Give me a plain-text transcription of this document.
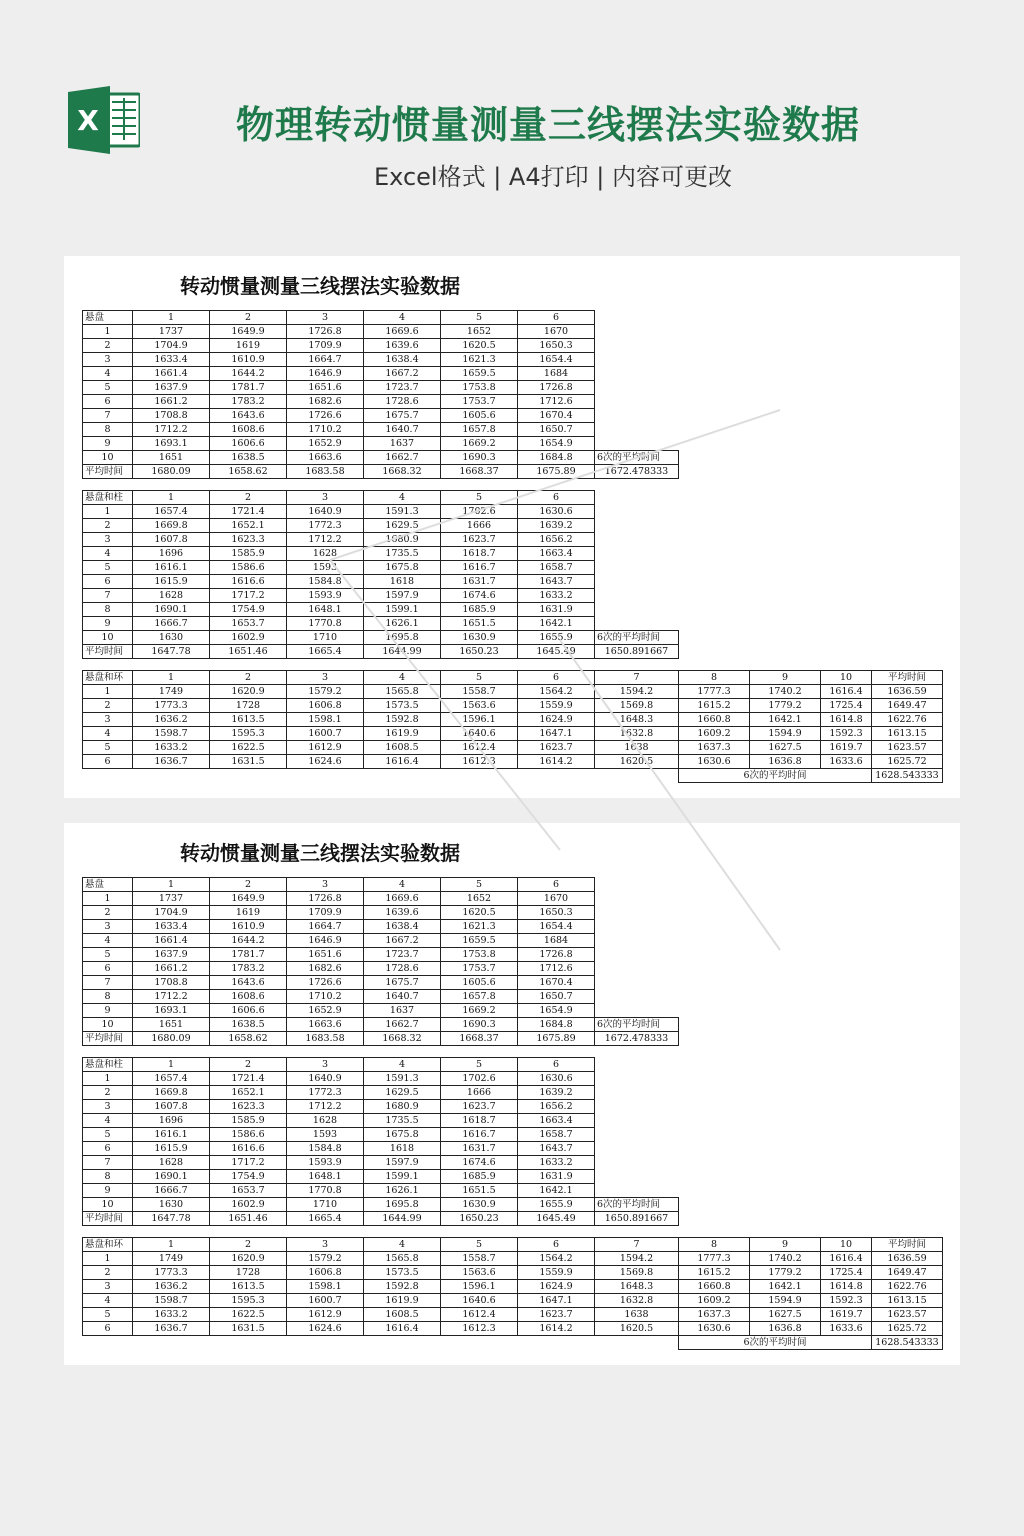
X	物理转动惯量测量三线摆法实验数据
Excel格式 | A4打印 | 内容可更改
转动惯量测量三线摆法实验数据
悬盘	1	2	3	4	5	6	
1	1737	1649.9	1726.8	1669.6	1652	1670	
2	1704.9	1619	1709.9	1639.6	1620.5	1650.3	
3	1633.4	1610.9	1664.7	1638.4	1621.3	1654.4	
4	1661.4	1644.2	1646.9	1667.2	1659.5	1684	
5	1637.9	1781.7	1651.6	1723.7	1753.8	1726.8	
6	1661.2	1783.2	1682.6	1728.6	1753.7	1712.6	
7	1708.8	1643.6	1726.6	1675.7	1605.6	1670.4	
8	1712.2	1608.6	1710.2	1640.7	1657.8	1650.7	
9	1693.1	1606.6	1652.9	1637	1669.2	1654.9	
10	1651	1638.5	1663.6	1662.7	1690.3	1684.8	6次的平均时间
平均时间	1680.09	1658.62	1683.58	1668.32	1668.37	1675.89	1672.478333
悬盘和柱	1	2	3	4	5	6	
1	1657.4	1721.4	1640.9	1591.3	1702.6	1630.6	
2	1669.8	1652.1	1772.3	1629.5	1666	1639.2	
3	1607.8	1623.3	1712.2	1680.9	1623.7	1656.2	
4	1696	1585.9	1628	1735.5	1618.7	1663.4	
5	1616.1	1586.6	1593	1675.8	1616.7	1658.7	
6	1615.9	1616.6	1584.8	1618	1631.7	1643.7	
7	1628	1717.2	1593.9	1597.9	1674.6	1633.2	
8	1690.1	1754.9	1648.1	1599.1	1685.9	1631.9	
9	1666.7	1653.7	1770.8	1626.1	1651.5	1642.1	
10	1630	1602.9	1710	1695.8	1630.9	1655.9	6次的平均时间
平均时间	1647.78	1651.46	1665.4	1644.99	1650.23	1645.49	1650.891667
悬盘和环	1	2	3	4	5	6	7	8	9	10	平均时间
1	1749	1620.9	1579.2	1565.8	1558.7	1564.2	1594.2	1777.3	1740.2	1616.4	1636.59
2	1773.3	1728	1606.8	1573.5	1563.6	1559.9	1569.8	1615.2	1779.2	1725.4	1649.47
3	1636.2	1613.5	1598.1	1592.8	1596.1	1624.9	1648.3	1660.8	1642.1	1614.8	1622.76
4	1598.7	1595.3	1600.7	1619.9	1640.6	1647.1	1632.8	1609.2	1594.9	1592.3	1613.15
5	1633.2	1622.5	1612.9	1608.5	1612.4	1623.7	1638	1637.3	1627.5	1619.7	1623.57
6	1636.7	1631.5	1624.6	1616.4	1612.3	1614.2	1620.5	1630.6	1636.8	1633.6	1625.72
								6次的平均时间			1628.543333
转动惯量测量三线摆法实验数据
悬盘	1	2	3	4	5	6	
1	1737	1649.9	1726.8	1669.6	1652	1670	
2	1704.9	1619	1709.9	1639.6	1620.5	1650.3	
3	1633.4	1610.9	1664.7	1638.4	1621.3	1654.4	
4	1661.4	1644.2	1646.9	1667.2	1659.5	1684	
5	1637.9	1781.7	1651.6	1723.7	1753.8	1726.8	
6	1661.2	1783.2	1682.6	1728.6	1753.7	1712.6	
7	1708.8	1643.6	1726.6	1675.7	1605.6	1670.4	
8	1712.2	1608.6	1710.2	1640.7	1657.8	1650.7	
9	1693.1	1606.6	1652.9	1637	1669.2	1654.9	
10	1651	1638.5	1663.6	1662.7	1690.3	1684.8	6次的平均时间
平均时间	1680.09	1658.62	1683.58	1668.32	1668.37	1675.89	1672.478333
悬盘和柱	1	2	3	4	5	6	
1	1657.4	1721.4	1640.9	1591.3	1702.6	1630.6	
2	1669.8	1652.1	1772.3	1629.5	1666	1639.2	
3	1607.8	1623.3	1712.2	1680.9	1623.7	1656.2	
4	1696	1585.9	1628	1735.5	1618.7	1663.4	
5	1616.1	1586.6	1593	1675.8	1616.7	1658.7	
6	1615.9	1616.6	1584.8	1618	1631.7	1643.7	
7	1628	1717.2	1593.9	1597.9	1674.6	1633.2	
8	1690.1	1754.9	1648.1	1599.1	1685.9	1631.9	
9	1666.7	1653.7	1770.8	1626.1	1651.5	1642.1	
10	1630	1602.9	1710	1695.8	1630.9	1655.9	6次的平均时间
平均时间	1647.78	1651.46	1665.4	1644.99	1650.23	1645.49	1650.891667
悬盘和环	1	2	3	4	5	6	7	8	9	10	平均时间
1	1749	1620.9	1579.2	1565.8	1558.7	1564.2	1594.2	1777.3	1740.2	1616.4	1636.59
2	1773.3	1728	1606.8	1573.5	1563.6	1559.9	1569.8	1615.2	1779.2	1725.4	1649.47
3	1636.2	1613.5	1598.1	1592.8	1596.1	1624.9	1648.3	1660.8	1642.1	1614.8	1622.76
4	1598.7	1595.3	1600.7	1619.9	1640.6	1647.1	1632.8	1609.2	1594.9	1592.3	1613.15
5	1633.2	1622.5	1612.9	1608.5	1612.4	1623.7	1638	1637.3	1627.5	1619.7	1623.57
6	1636.7	1631.5	1624.6	1616.4	1612.3	1614.2	1620.5	1630.6	1636.8	1633.6	1625.72
								6次的平均时间			1628.543333
